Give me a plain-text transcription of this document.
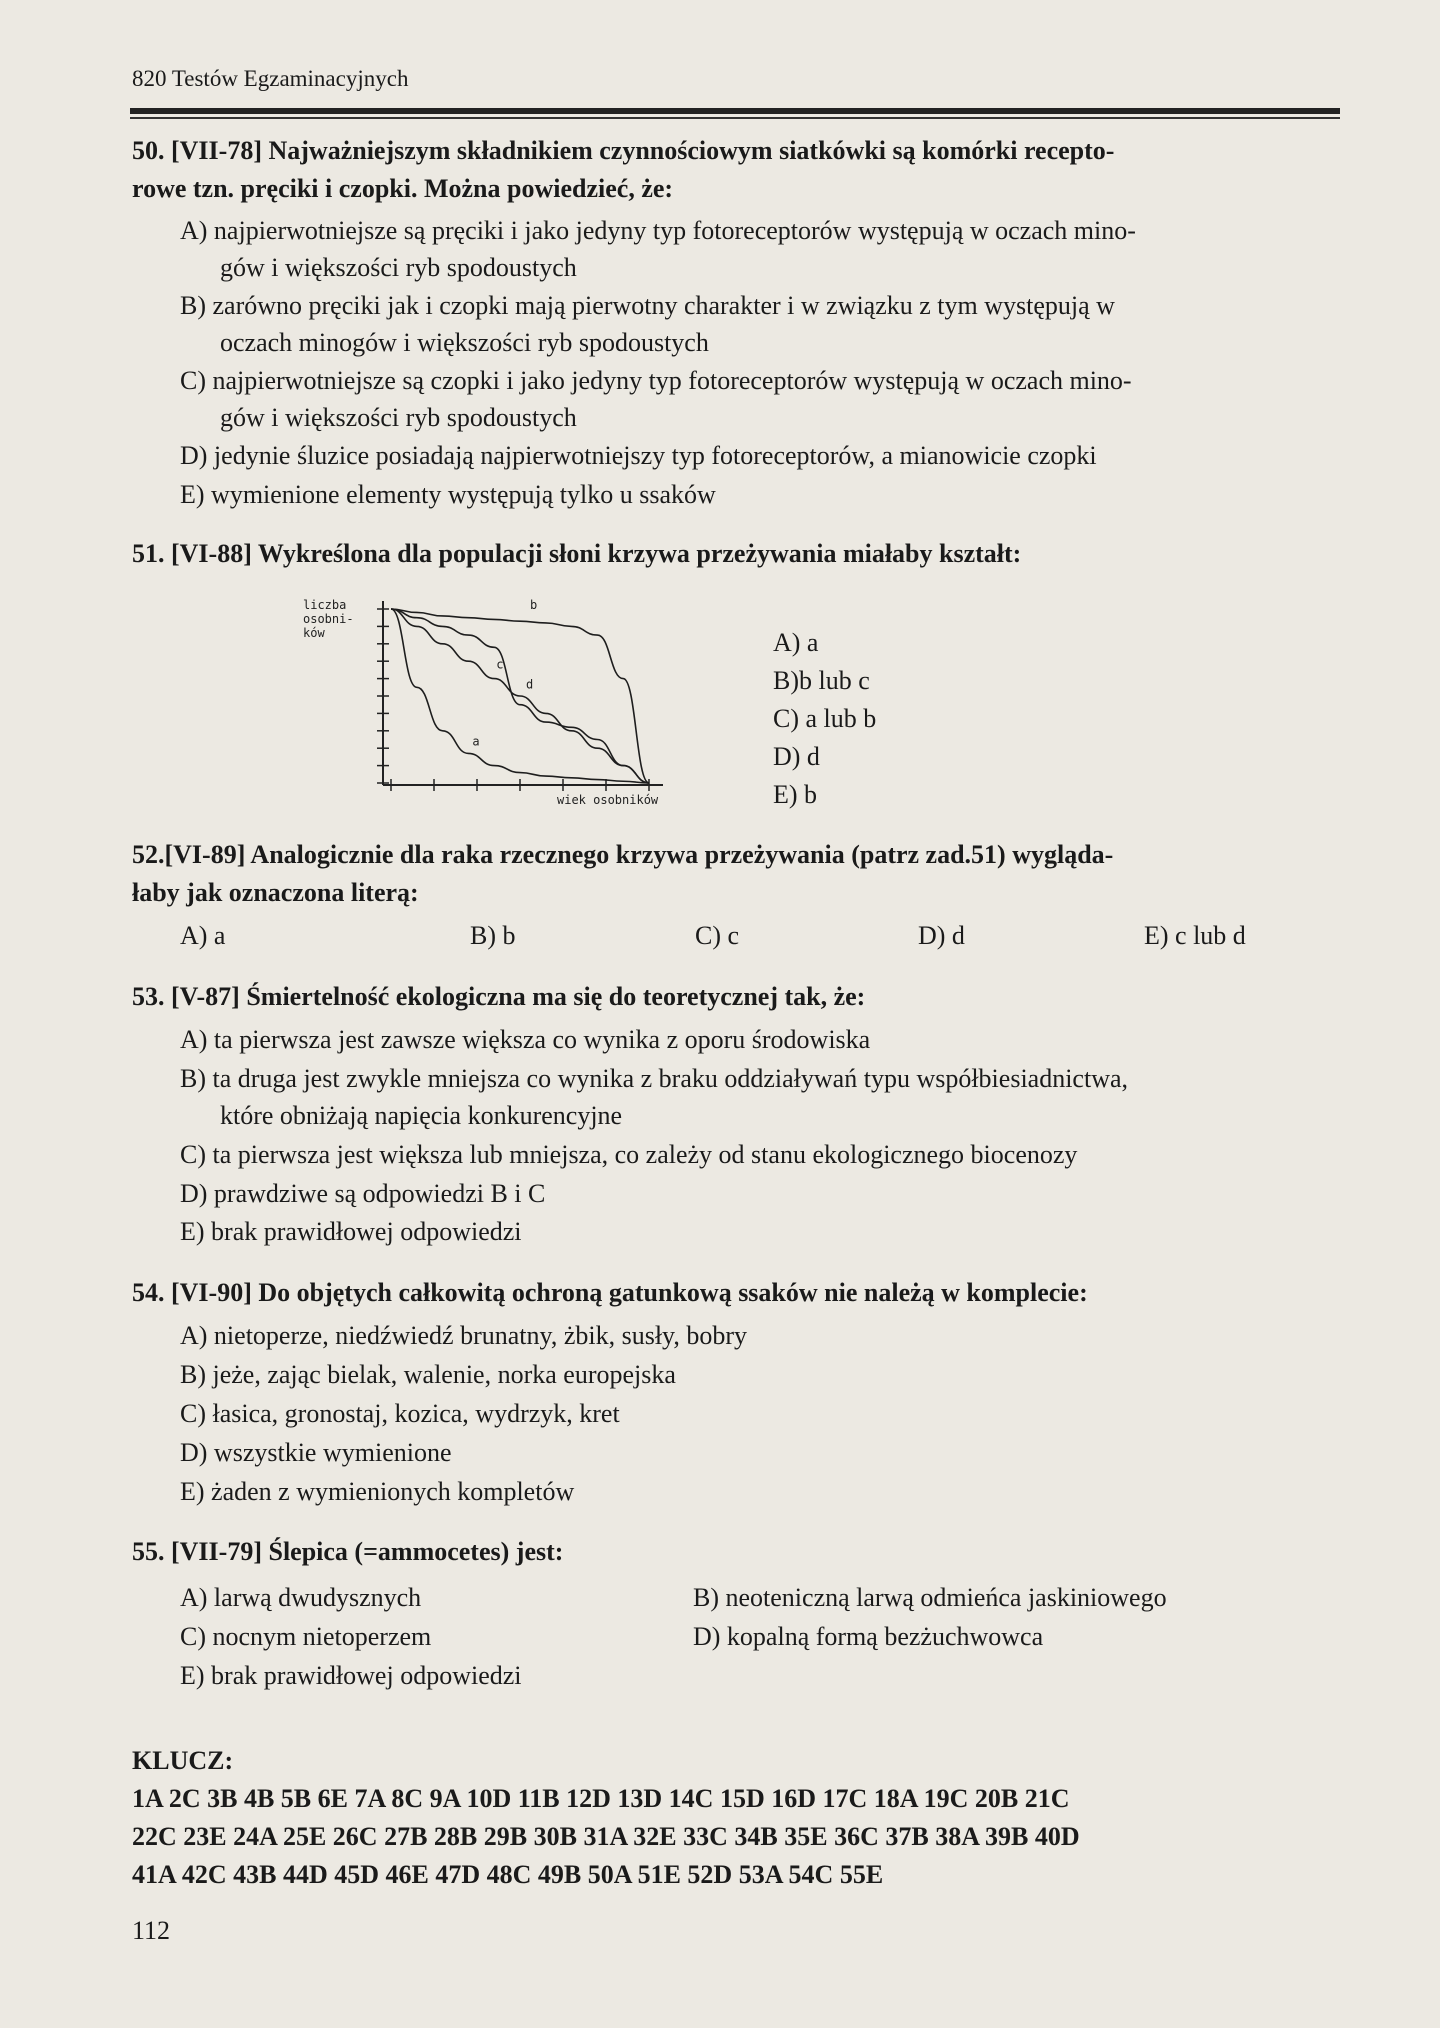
820 Testów Egzaminacyjnych
50. [VII-78] Najważniejszym składnikiem czynnościowym siatkówki są komórki recepto-
rowe tzn. pręciki i czopki. Można powiedzieć, że:
A) najpierwotniejsze są pręciki i jako jedyny typ fotoreceptorów występują w oczach mino-
gów i większości ryb spodoustych
B) zarówno pręciki jak i czopki mają pierwotny charakter i w związku z tym występują w
oczach minogów i większości ryb spodoustych
C) najpierwotniejsze są czopki i jako jedyny typ fotoreceptorów występują w oczach mino-
gów i większości ryb spodoustych
D) jedynie śluzice posiadają najpierwotniejszy typ fotoreceptorów, a mianowicie czopki
E) wymienione elementy występują tylko u ssaków
51. [VI-88] Wykreślona dla populacji słoni krzywa przeżywania miałaby kształt:
liczba
osobni-
ków
a
b
c
d
wiek osobników
A) a
B)b lub c
C) a lub b
D) d
E) b
52.[VI-89] Analogicznie dla raka rzecznego krzywa przeżywania (patrz zad.51) wygląda-
łaby jak oznaczona literą:
A) a	B) b	C) c	D) d	E) c lub d
53. [V-87] Śmiertelność ekologiczna ma się do teoretycznej tak, że:
A) ta pierwsza jest zawsze większa co wynika z oporu środowiska
B) ta druga jest zwykle mniejsza co wynika z braku oddziaływań typu współbiesiadnictwa,
które obniżają napięcia konkurencyjne
C) ta pierwsza jest większa lub mniejsza, co zależy od stanu ekologicznego biocenozy
D) prawdziwe są odpowiedzi B i C
E) brak prawidłowej odpowiedzi
54. [VI-90] Do objętych całkowitą ochroną gatunkową ssaków nie należą w komplecie:
A) nietoperze, niedźwiedź brunatny, żbik, susły, bobry
B) jeże, zając bielak, walenie, norka europejska
C) łasica, gronostaj, kozica, wydrzyk, kret
D) wszystkie wymienione
E) żaden z wymienionych kompletów
55. [VII-79] Ślepica (=ammocetes) jest:
A) larwą dwudysznych	B) neoteniczną larwą odmieńca jaskiniowego
C) nocnym nietoperzem	D) kopalną formą bezżuchwowca
E) brak prawidłowej odpowiedzi
KLUCZ:
1A 2C 3B 4B 5B 6E 7A 8C 9A 10D 11B 12D 13D 14C 15D 16D 17C 18A 19C 20B 21C
22C 23E 24A 25E 26C 27B 28B 29B 30B 31A 32E 33C 34B 35E 36C 37B 38A 39B 40D
41A 42C 43B 44D 45D 46E 47D 48C 49B 50A 51E 52D 53A 54C 55E
112
